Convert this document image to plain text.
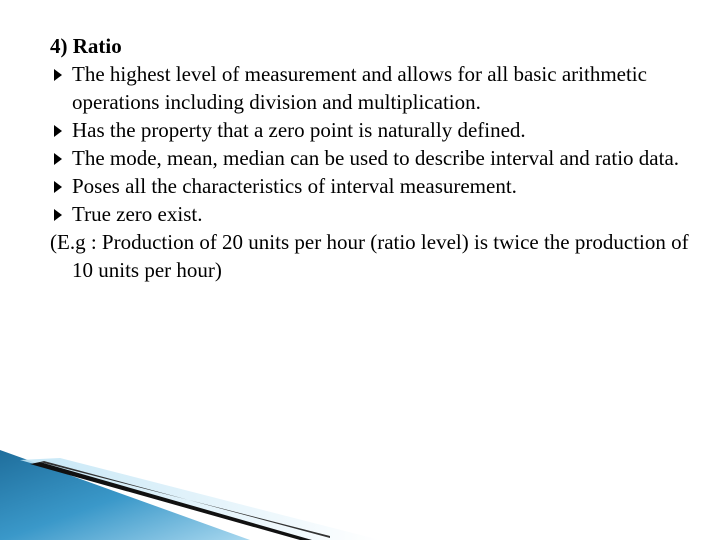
4) Ratio

The highest level of measurement and allows for all basic arithmetic operations including division and multiplication.
Has the property that a zero point is naturally defined.
The mode, mean, median can be used to describe interval and ratio data.
Poses all the characteristics of interval measurement.
True zero exist.

(E.g : Production of 20 units per hour (ratio level) is twice the production of 10 units per hour)
